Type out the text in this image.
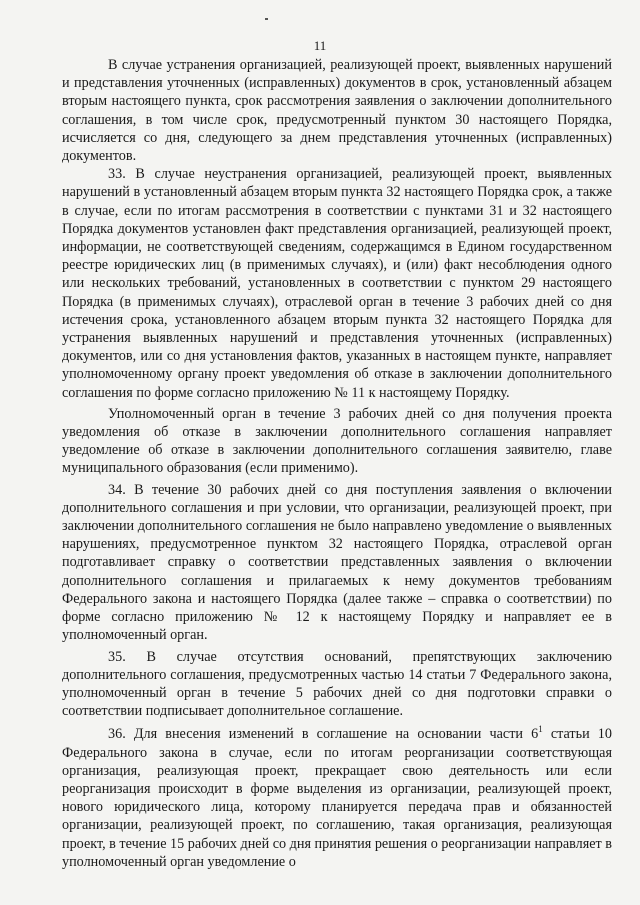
11

В случае устранения организацией, реализующей проект, выявленных нарушений и представления уточненных (исправленных) документов в срок, установленный абзацем вторым настоящего пункта, срок рассмотрения заявления о заключении дополнительного соглашения, в том числе срок, предусмотренный пунктом 30 настоящего Порядка, исчисляется со дня, следующего за днем представления уточненных (исправленных) документов.

33. В случае неустранения организацией, реализующей проект, выявленных нарушений в установленный абзацем вторым пункта 32 настоящего Порядка срок, а также в случае, если по итогам рассмотрения в соответствии с пунктами 31 и 32 настоящего Порядка документов установлен факт представления организацией, реализующей проект, информации, не соответствующей сведениям, содержащимся в Едином государственном реестре юридических лиц (в применимых случаях), и (или) факт несоблюдения одного или нескольких требований, установленных в соответствии с пунктом 29 настоящего Порядка (в применимых случаях), отраслевой орган в течение 3 рабочих дней со дня истечения срока, установленного абзацем вторым пункта 32 настоящего Порядка для устранения выявленных нарушений и представления уточненных (исправленных) документов, или со дня установления фактов, указанных в настоящем пункте, направляет уполномоченному органу проект уведомления об отказе в заключении дополнительного соглашения по форме согласно приложению № 11 к настоящему Порядку.

Уполномоченный орган в течение 3 рабочих дней со дня получения проекта уведомления об отказе в заключении дополнительного соглашения направляет уведомление об отказе в заключении дополнительного соглашения заявителю, главе муниципального образования (если применимо).

34. В течение 30 рабочих дней со дня поступления заявления о включении дополнительного соглашения и при условии, что организации, реализующей проект, при заключении дополнительного соглашения не было направлено уведомление о выявленных нарушениях, предусмотренное пунктом 32 настоящего Порядка, отраслевой орган подготавливает справку о соответствии представленных заявления о включении дополнительного соглашения и прилагаемых к нему документов требованиям Федерального закона и настоящего Порядка (далее также – справка о соответствии) по форме согласно приложению № 12 к настоящему Порядку и направляет ее в уполномоченный орган.

35. В случае отсутствия оснований, препятствующих заключению дополнительного соглашения, предусмотренных частью 14 статьи 7 Федерального закона, уполномоченный орган в течение 5 рабочих дней со дня подготовки справки о соответствии подписывает дополнительное соглашение.

36. Для внесения изменений в соглашение на основании части $6^1$ статьи 10 Федерального закона в случае, если по итогам реорганизации соответствующая организация, реализующая проект, прекращает свою деятельность или если реорганизация происходит в форме выделения из организации, реализующей проект, нового юридического лица, которому планируется передача прав и обязанностей организации, реализующей проект, по соглашению, такая организация, реализующая проект, в течение 15 рабочих дней со дня принятия решения о реорганизации направляет в уполномоченный орган уведомление о
